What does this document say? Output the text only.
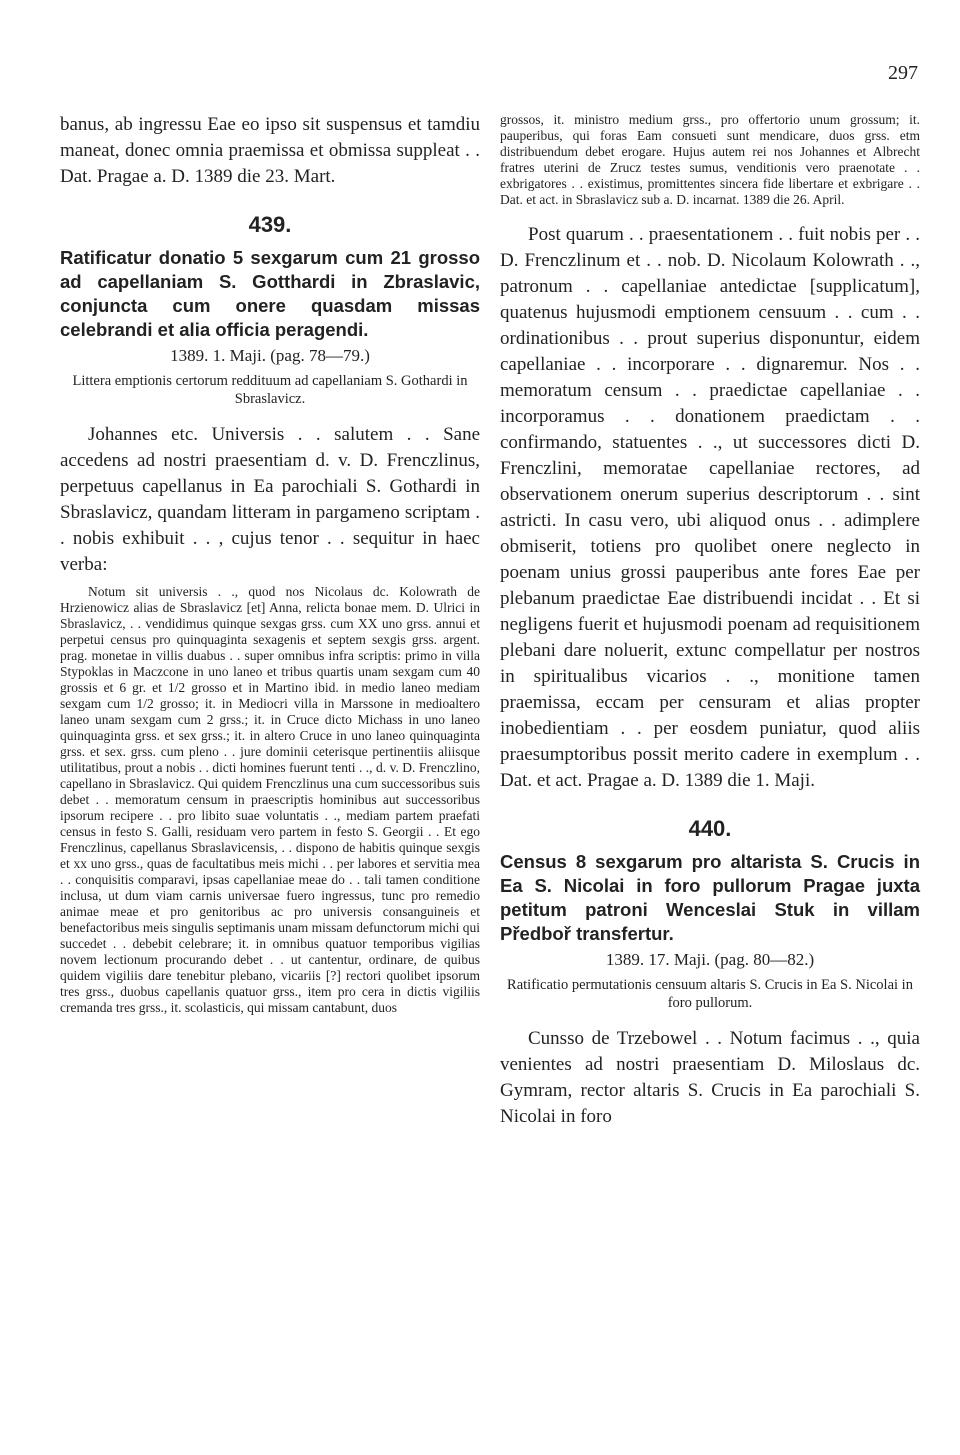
297

banus, ab ingressu Eae eo ipso sit suspensus et tamdiu maneat, donec omnia praemissa et obmissa suppleat . . Dat. Pragae a. D. 1389 die 23. Mart.

439.
Ratificatur donatio 5 sexgarum cum 21 grosso ad capellaniam S. Gotthardi in Zbraslavic, conjuncta cum onere quasdam missas celebrandi et alia officia peragendi.
1389. 1. Maji. (pag. 78—79.)
Littera emptionis certorum reddituum ad capellaniam S. Gothardi in Sbraslavicz.

Johannes etc. Universis . . salutem . . Sane accedens ad nostri praesentiam d. v. D. Frenczlinus, perpetuus capellanus in Ea parochiali S. Gothardi in Sbraslavicz, quandam litteram in pargameno scriptam . . nobis exhibuit . . , cujus tenor . . sequitur in haec verba:

Notum sit universis . ., quod nos Nicolaus dc. Kolowrath de Hrzienowicz alias de Sbraslavicz [et] Anna, relicta bonae mem. D. Ulrici in Sbraslavicz, . . vendidimus quinque sexgas grss. cum XX uno grss. annui et perpetui census pro quinquaginta sexagenis et septem sexgis grss. argent. prag. monetae in villis duabus . . super omnibus infra scriptis: primo in villa Stypoklas in Maczcone in uno laneo et tribus quartis unam sexgam cum 40 grossis et 6 gr. et 1/2 grosso et in Martino ibid. in medio laneo mediam sexgam cum 1/2 grosso; it. in Mediocri villa in Marssone in medioaltero laneo unam sexgam cum 2 grss.; it. in Cruce dicto Michass in uno laneo quinquaginta grss. et sex grss.; it. in altero Cruce in uno laneo quinquaginta grss. et sex. grss. cum pleno . . jure dominii ceterisque pertinentiis aliisque utilitatibus, prout a nobis . . dicti homines fuerunt tenti . ., d. v. D. Frenczlino, capellano in Sbraslavicz. Qui quidem Frenczlinus una cum successoribus suis debet . . memoratum censum in praescriptis hominibus aut successoribus ipsorum recipere . . pro libito suae voluntatis . ., mediam partem praefati census in festo S. Galli, residuam vero partem in festo S. Georgii . . Et ego Frenczlinus, capellanus Sbraslavicensis, . . dispono de habitis quinque sexgis et xx uno grss., quas de facultatibus meis michi . . per labores et servitia mea . . conquisitis comparavi, ipsas capellaniae meae do . . tali tamen conditione inclusa, ut dum viam carnis universae fuero ingressus, tunc pro remedio animae meae et pro genitoribus ac pro universis consanguineis et benefactoribus meis singulis septimanis unam missam defunctorum michi qui succedet . . debebit celebrare; it. in omnibus quatuor temporibus vigilias novem lectionum procurando debet . . ut cantentur, ordinare, de quibus quidem vigiliis dare tenebitur plebano, vicariis [?] rectori quolibet ipsorum tres grss., duobus capellanis quatuor grss., item pro cera in dictis vigiliis cremanda tres grss., it. scolasticis, qui missam cantabunt, duos

grossos, it. ministro medium grss., pro offertorio unum grossum; it. pauperibus, qui foras Eam consueti sunt mendicare, duos grss. etm distribuendum debet erogare. Hujus autem rei nos Johannes et Albrecht fratres uterini de Zrucz testes sumus, venditionis vero praenotate . . exbrigatores . . existimus, promittentes sincera fide libertare et exbrigare . . Dat. et act. in Sbraslavicz sub a. D. incarnat. 1389 die 26. April.

Post quarum . . praesentationem . . fuit nobis per . . D. Frenczlinum et . . nob. D. Nicolaum Kolowrath . ., patronum . . capellaniae antedictae [supplicatum], quatenus hujusmodi emptionem censuum . . cum . . ordinationibus . . prout superius disponuntur, eidem capellaniae . . incorporare . . dignaremur. Nos . . memoratum censum . . praedictae capellaniae . . incorporamus . . donationem praedictam . . confirmando, statuentes . ., ut successores dicti D. Frenczlini, memoratae capellaniae rectores, ad observationem onerum superius descriptorum . . sint astricti. In casu vero, ubi aliquod onus . . adimplere obmiserit, totiens pro quolibet onere neglecto in poenam unius grossi pauperibus ante fores Eae per plebanum praedictae Eae distribuendi incidat . . Et si negligens fuerit et hujusmodi poenam ad requisitionem plebani dare noluerit, extunc compellatur per nostros in spiritualibus vicarios . ., monitione tamen praemissa, eccam per censuram et alias propter inobedientiam . . per eosdem puniatur, quod aliis praesumptoribus possit merito cadere in exemplum . . Dat. et act. Pragae a. D. 1389 die 1. Maji.

440.
Census 8 sexgarum pro altarista S. Crucis in Ea S. Nicolai in foro pullorum Pragae juxta petitum patroni Wenceslai Stuk in villam Předboř transfertur.
1389. 17. Maji. (pag. 80—82.)
Ratificatio permutationis censuum altaris S. Crucis in Ea S. Nicolai in foro pullorum.

Cunsso de Trzebowel . . Notum facimus . ., quia venientes ad nostri praesentiam D. Miloslaus dc. Gymram, rector altaris S. Crucis in Ea parochiali S. Nicolai in foro
